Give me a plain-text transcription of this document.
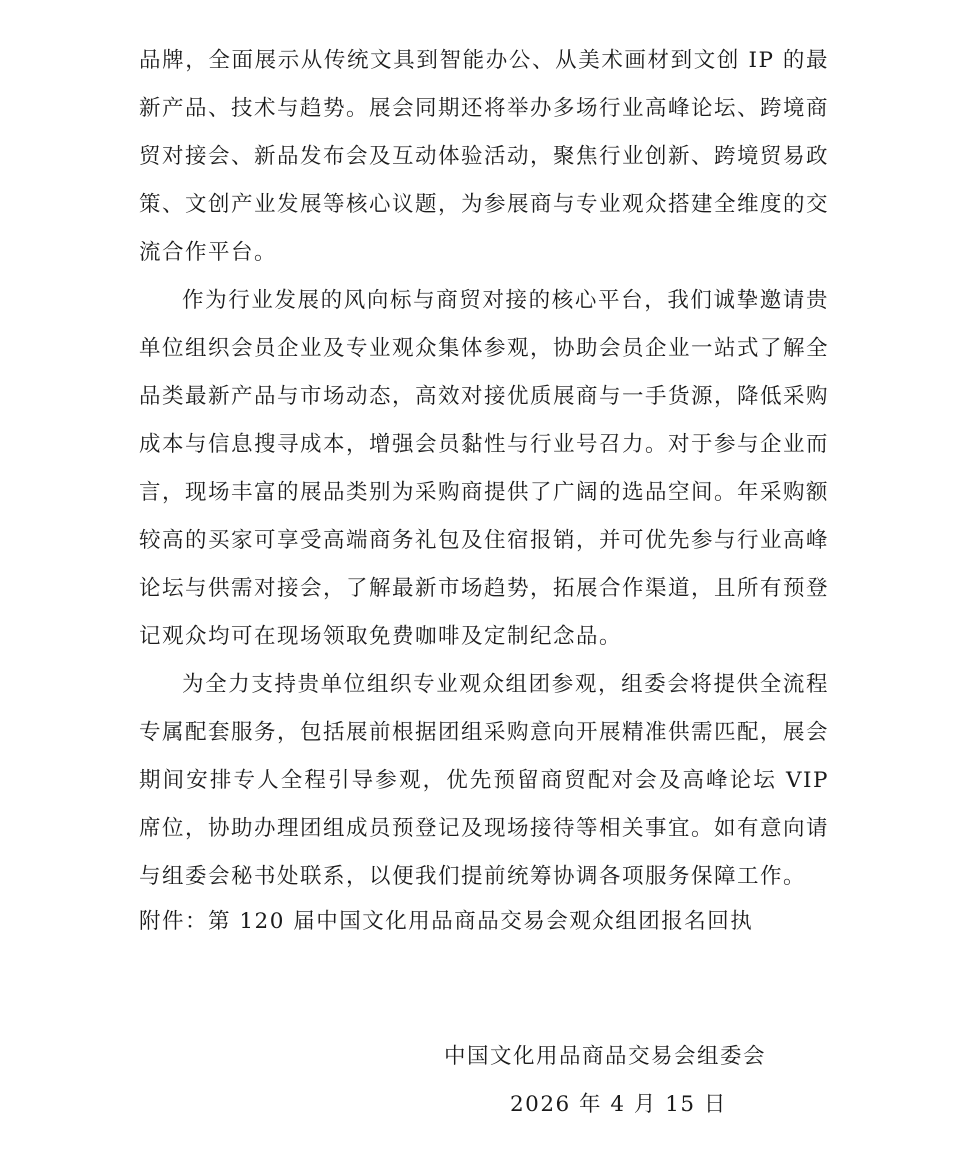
品牌，全面展示从传统文具到智能办公、从美术画材到文创 IP 的最新产品、技术与趋势。展会同期还将举办多场行业高峰论坛、跨境商贸对接会、新品发布会及互动体验活动，聚焦行业创新、跨境贸易政策、文创产业发展等核心议题，为参展商与专业观众搭建全维度的交流合作平台。

作为行业发展的风向标与商贸对接的核心平台，我们诚挚邀请贵单位组织会员企业及专业观众集体参观，协助会员企业一站式了解全品类最新产品与市场动态，高效对接优质展商与一手货源，降低采购成本与信息搜寻成本，增强会员黏性与行业号召力。对于参与企业而言，现场丰富的展品类别为采购商提供了广阔的选品空间。年采购额较高的买家可享受高端商务礼包及住宿报销，并可优先参与行业高峰论坛与供需对接会，了解最新市场趋势，拓展合作渠道，且所有预登记观众均可在现场领取免费咖啡及定制纪念品。

为全力支持贵单位组织专业观众组团参观，组委会将提供全流程专属配套服务，包括展前根据团组采购意向开展精准供需匹配，展会期间安排专人全程引导参观，优先预留商贸配对会及高峰论坛 VIP 席位，协助办理团组成员预登记及现场接待等相关事宜。如有意向请与组委会秘书处联系，以便我们提前统筹协调各项服务保障工作。

附件：第 120 届中国文化用品商品交易会观众组团报名回执
中国文化用品商品交易会组委会
2026 年 4 月 15 日
